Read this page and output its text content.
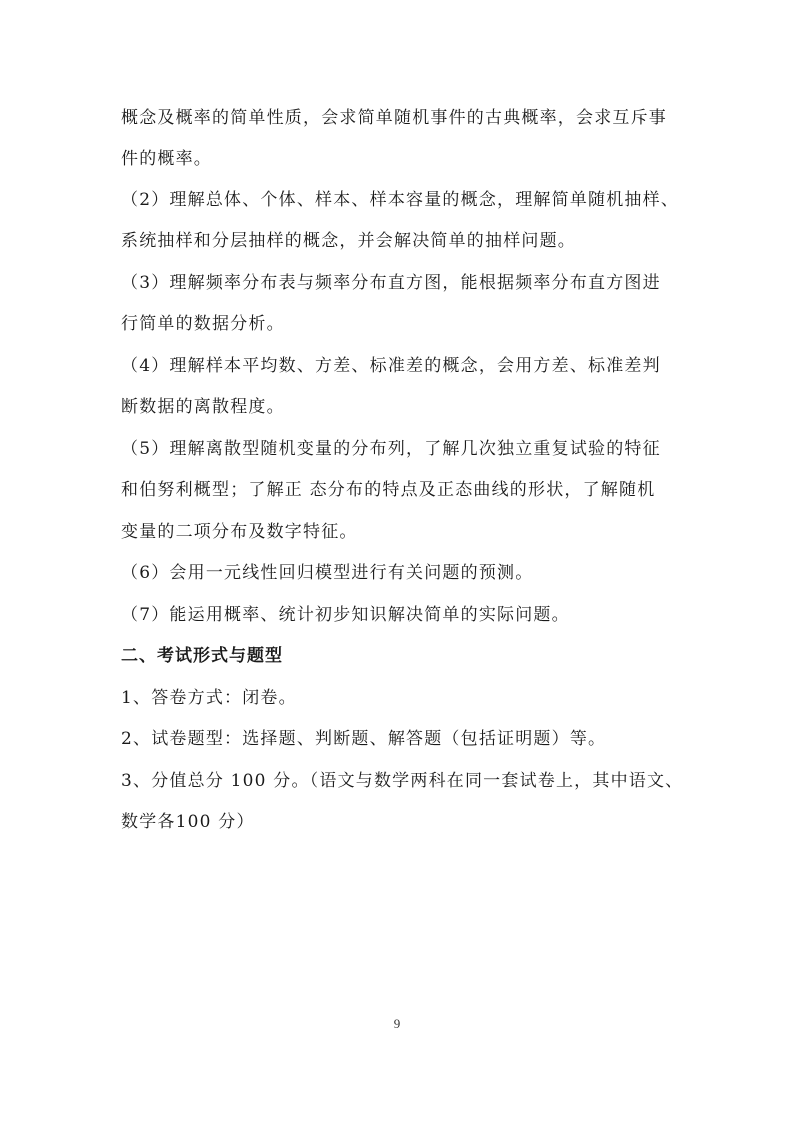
概念及概率的简单性质，会求简单随机事件的古典概率，会求互斥事
件的概率。
（2）理解总体、个体、样本、样本容量的概念，理解简单随机抽样、
系统抽样和分层抽样的概念，并会解决简单的抽样问题。
（3）理解频率分布表与频率分布直方图，能根据频率分布直方图进
行简单的数据分析。
（4）理解样本平均数、方差、标准差的概念，会用方差、标准差判
断数据的离散程度。
（5）理解离散型随机变量的分布列，了解几次独立重复试验的特征
和伯努利概型；了解正 态分布的特点及正态曲线的形状，了解随机
变量的二项分布及数字特征。
（6）会用一元线性回归模型进行有关问题的预测。
（7）能运用概率、统计初步知识解决简单的实际问题。
二、考试形式与题型
1、答卷方式：闭卷。
2、试卷题型：选择题、判断题、解答题（包括证明题）等。
3、分值总分 100 分。（语文与数学两科在同一套试卷上，其中语文、
数学各100 分）
9
